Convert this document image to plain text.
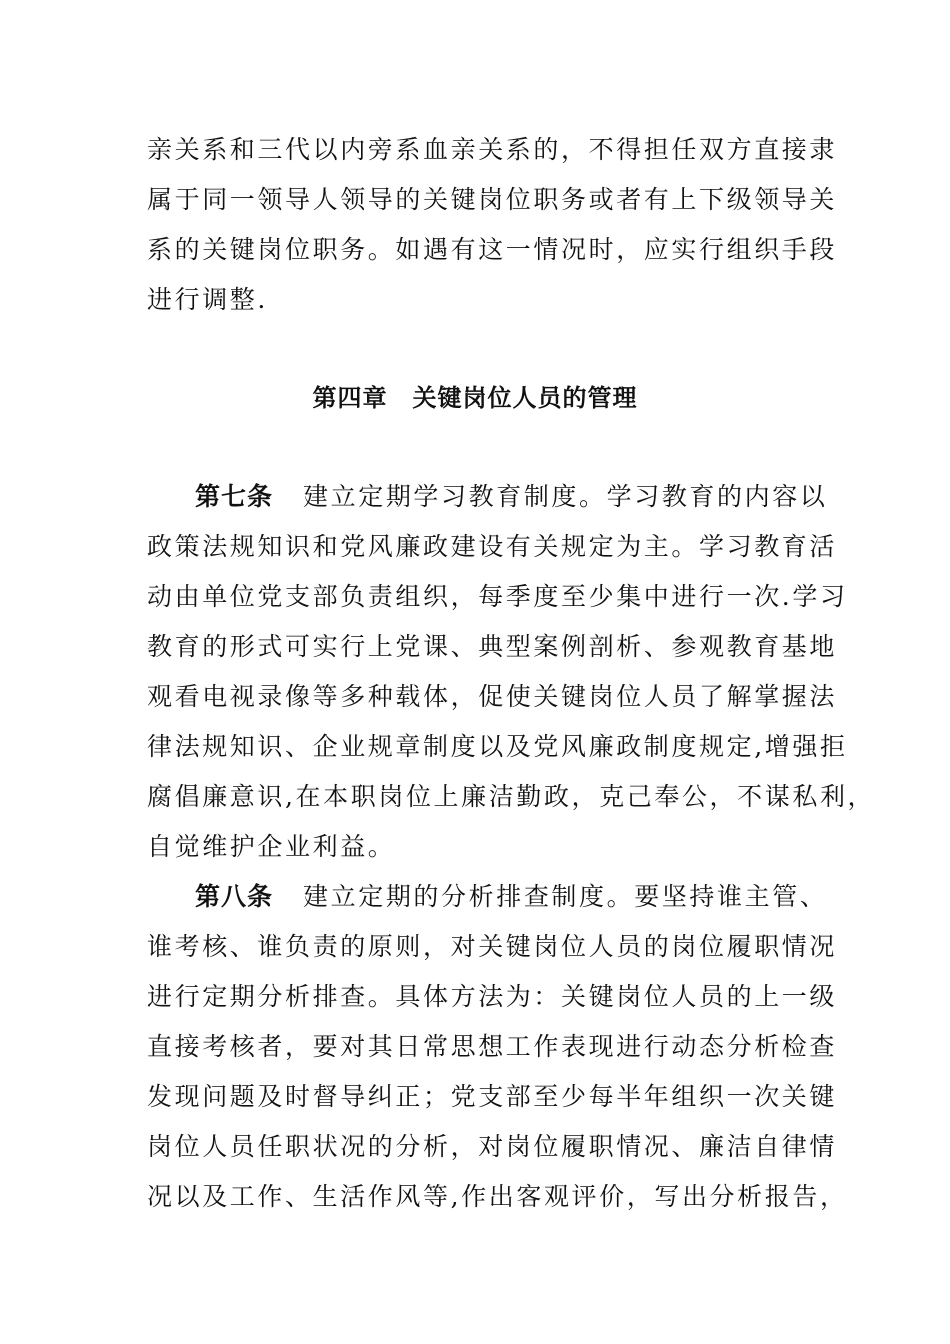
亲关系和三代以内旁系血亲关系的，不得担任双方直接隶
属于同一领导人领导的关键岗位职务或者有上下级领导关
系的关键岗位职务。如遇有这一情况时，应实行组织手段
进行调整.
第四章　关键岗位人员的管理
第七条 建立定期学习教育制度。学习教育的内容以
政策法规知识和党风廉政建设有关规定为主。学习教育活
动由单位党支部负责组织，每季度至少集中进行一次.学习
教育的形式可实行上党课、典型案例剖析、参观教育基地
观看电视录像等多种载体，促使关键岗位人员了解掌握法
律法规知识、企业规章制度以及党风廉政制度规定,增强拒
腐倡廉意识,在本职岗位上廉洁勤政，克己奉公，不谋私利，
自觉维护企业利益。
第八条 建立定期的分析排查制度。要坚持谁主管、
谁考核、谁负责的原则，对关键岗位人员的岗位履职情况
进行定期分析排查。具体方法为：关键岗位人员的上一级
直接考核者，要对其日常思想工作表现进行动态分析检查
发现问题及时督导纠正；党支部至少每半年组织一次关键
岗位人员任职状况的分析，对岗位履职情况、廉洁自律情
况以及工作、生活作风等,作出客观评价，写出分析报告，
